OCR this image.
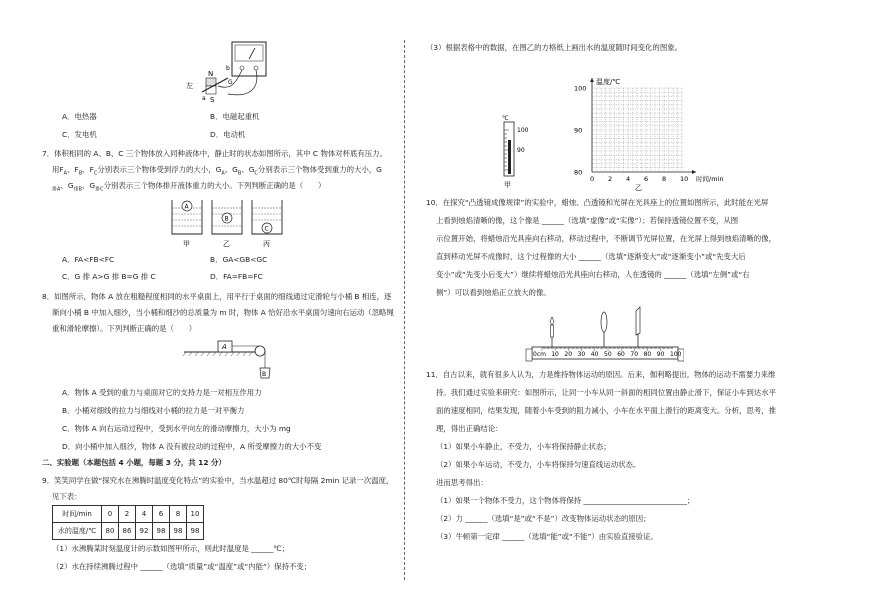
左
N
S
a
b
G
A．电热器	B．电磁起重机
C．发电机	D．电动机
7．体积相同的 A、B、C 三个物体放入同种液体中，静止时的状态如图所示，其中 C 物体对杯底有压力。
用$F_A$、$F_B$、$F_C$分别表示三个物体受到浮力的大小，$G_A$、$G_B$、$G_C$分别表示三个物体受到重力的大小，G
$_{排A}$、$G_{排B}$、$G_{排C}$分别表示三个物体排开液体重力的大小。下列判断正确的是（　　）
A
B
C
甲	乙	丙
A．FA<FB<FC	B．GA<GB<GC
C．G 排 A>G 排 B=G 排 C	D．FA=FB=FC
8．如图所示，物体 A 放在粗糙程度相同的水平桌面上，用平行于桌面的细线通过定滑轮与小桶 B 相连，逐
渐向小桶 B 中加入细沙，当小桶和细沙的总质量为 m 时，物体 A 恰好沿水平桌面匀速向右运动（忽略绳
重和滑轮摩擦）。下列判断正确的是（　　）
A
B
A．物体 A 受到的重力与桌面对它的支持力是一对相互作用力
B．小桶对细线的拉力与细线对小桶的拉力是一对平衡力
C．物体 A 向右运动过程中，受到水平向左的滑动摩擦力，大小为 mg
D．向小桶中加入细沙，物体 A 没有被拉动的过程中，A 所受摩擦力的大小不变
二、实验题（本题包括 4 小题，每题 3 分，共 12 分）
9．笑笑同学在做“探究水在沸腾时温度变化特点”的实验中，当水温超过 80℃时每隔 2min 记录一次温度，
见下表：
时间/min	0	2	4	6	8	10
水的温度/℃	80	86	92	98	98	98
（1）水沸腾某时刻温度计的示数如图甲所示，则此时温度是 ______℃；
（2）水在持续沸腾过程中 ______（选填“质量”或“温度”或“内能”）保持不变；
（3）根据表格中的数据，在图乙的方格纸上画出水的温度随时间变化的图象。
℃
100
90
甲
100
90
80
0 2 4 6 8 10
温度/℃
时间/min
乙
10．在探究“凸透镜成像规律”的实验中，蜡烛、凸透镜和光屏在光具座上的位置如图所示，此时能在光屏
上看到烛焰清晰的像，这个像是 ______（选填“虚像”或“实像”）；若保持透镜位置不变，从图
示位置开始，将蜡烛沿光具座向右移动，移动过程中，不断调节光屏位置，在光屏上得到烛焰清晰的像，
直到移动光屏不成像时，这个过程像的大小 ______（选填“逐渐变大”或“逐渐变小”或“先变大后
变小”或“先变小后变大”）继续将蜡烛沿光具座向右移动，人在透镜的 ______（选填“左侧”或“右
侧”）可以看到烛焰正立放大的像。
0cm 10 20 30 40 50 60 70 80 90 100
11．自古以来，就有很多人认为，力是维持物体运动的原因。后来，伽利略提出，物体的运动不需要力来维
持。我们通过实验来研究：如图所示，让同一小车从同一斜面的相同位置由静止滑下，保证小车到达水平
面的速度相同，结果发现，随着小车受到的阻力减小，小车在水平面上滑行的距离变大。分析，思考，推
理，得出正确结论：
（1）如果小车静止，不受力，小车将保持静止状态；
（2）如果小车运动，不受力，小车将保持匀速直线运动状态。
进而思考得出：
（1）如果一个物体不受力，这个物体将保持 ____________________________；
（2）力 ______（选填“是”或“不是”）改变物体运动状态的原因；
（3）牛顿第一定律 ______（选填“能”或“不能”）由实验直接验证。
